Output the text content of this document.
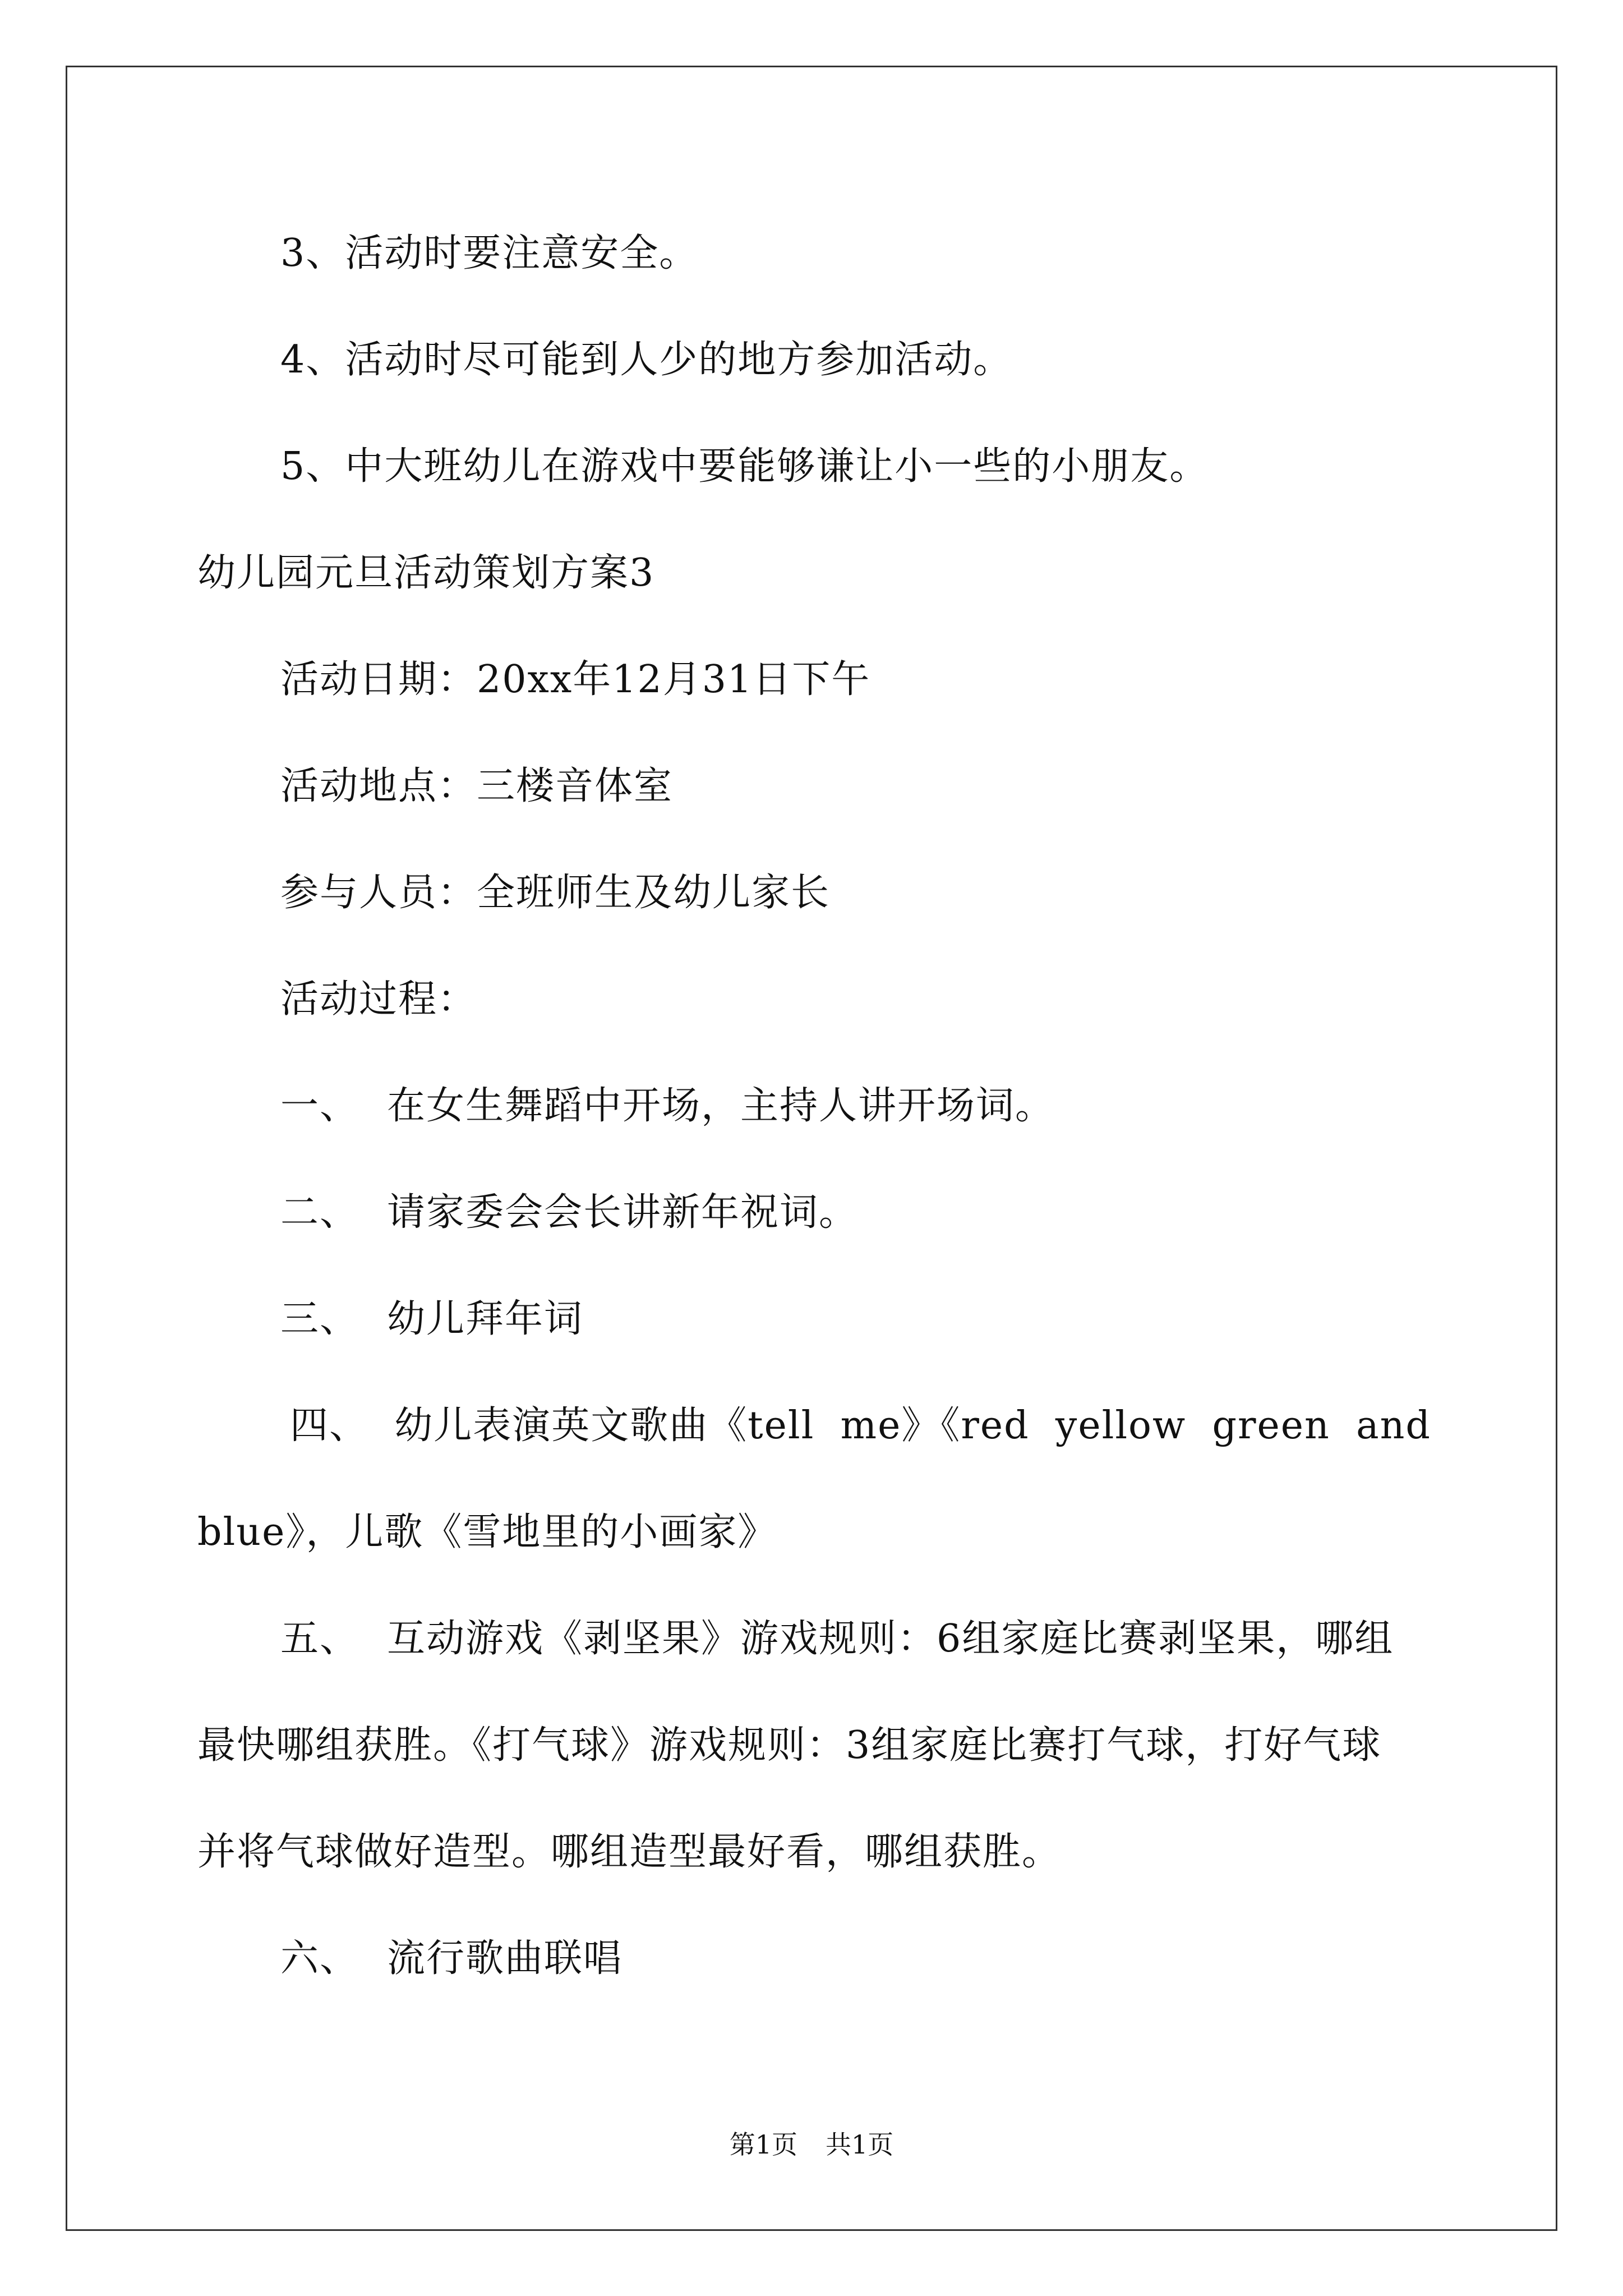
3、活动时要注意安全。
4、活动时尽可能到人少的地方参加活动。
5、中大班幼儿在游戏中要能够谦让小一些的小朋友。
幼儿园元旦活动策划方案3
活动日期：20xx年12月31日下午
活动地点：三楼音体室
参与人员：全班师生及幼儿家长
活动过程：
一、 在女生舞蹈中开场，主持人讲开场词。
二、 请家委会会长讲新年祝词。
三、 幼儿拜年词
四、 幼儿表演英文歌曲《tell me》《red yellow green and
blue》，儿歌《雪地里的小画家》
五、 互动游戏《剥坚果》游戏规则：6组家庭比赛剥坚果，哪组
最快哪组获胜。《打气球》游戏规则：3组家庭比赛打气球，打好气球
并将气球做好造型。哪组造型最好看，哪组获胜。
六、 流行歌曲联唱
第1页 共1页
